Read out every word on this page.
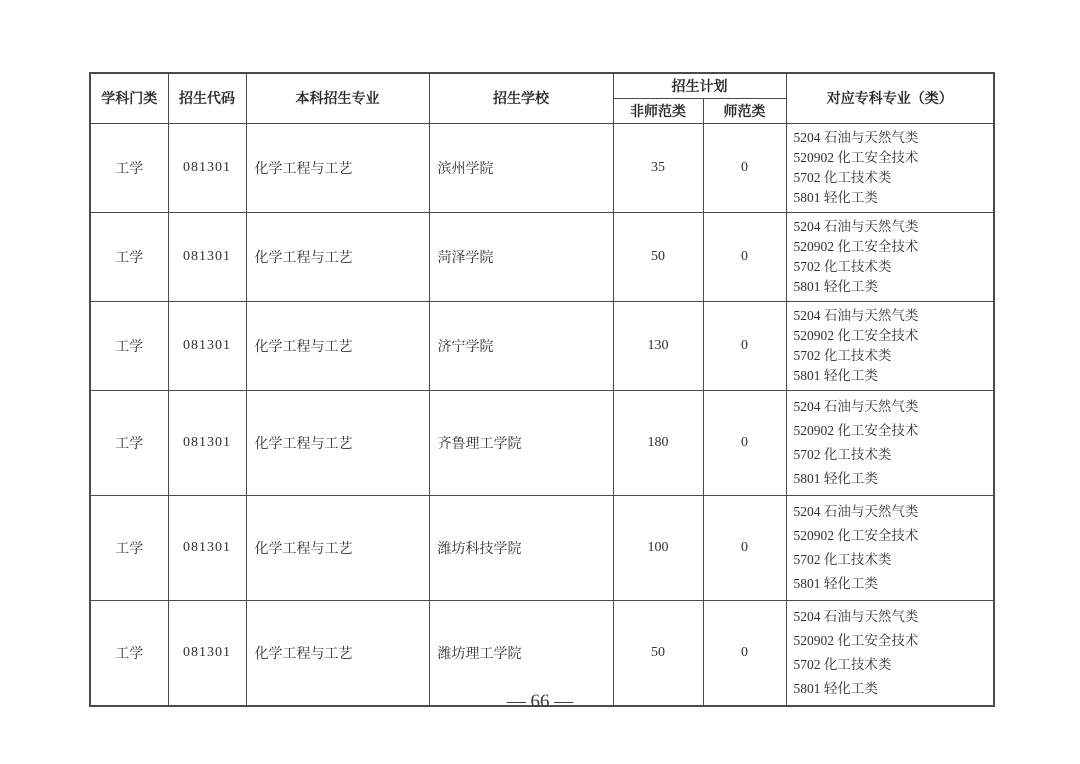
学科门类	招生代码	本科招生专业	招生学校	招生计划		对应专科专业（类）
				非师范类	师范类	
工学	081301	化学工程与工艺	滨州学院	35	0	5204 石油与天然气类
520902 化工安全技术
5702 化工技术类
5801 轻化工类

工学	081301	化学工程与工艺	菏泽学院	50	0	5204 石油与天然气类
520902 化工安全技术
5702 化工技术类
5801 轻化工类

工学	081301	化学工程与工艺	济宁学院	130	0	5204 石油与天然气类
520902 化工安全技术
5702 化工技术类
5801 轻化工类

工学	081301	化学工程与工艺	齐鲁理工学院	180	0	5204 石油与天然气类
520902 化工安全技术
5702 化工技术类
5801 轻化工类

工学	081301	化学工程与工艺	潍坊科技学院	100	0	5204 石油与天然气类
520902 化工安全技术
5702 化工技术类
5801 轻化工类

工学	081301	化学工程与工艺	潍坊理工学院	50	0	5204 石油与天然气类
520902 化工安全技术
5702 化工技术类
5801 轻化工类
— 66 —
